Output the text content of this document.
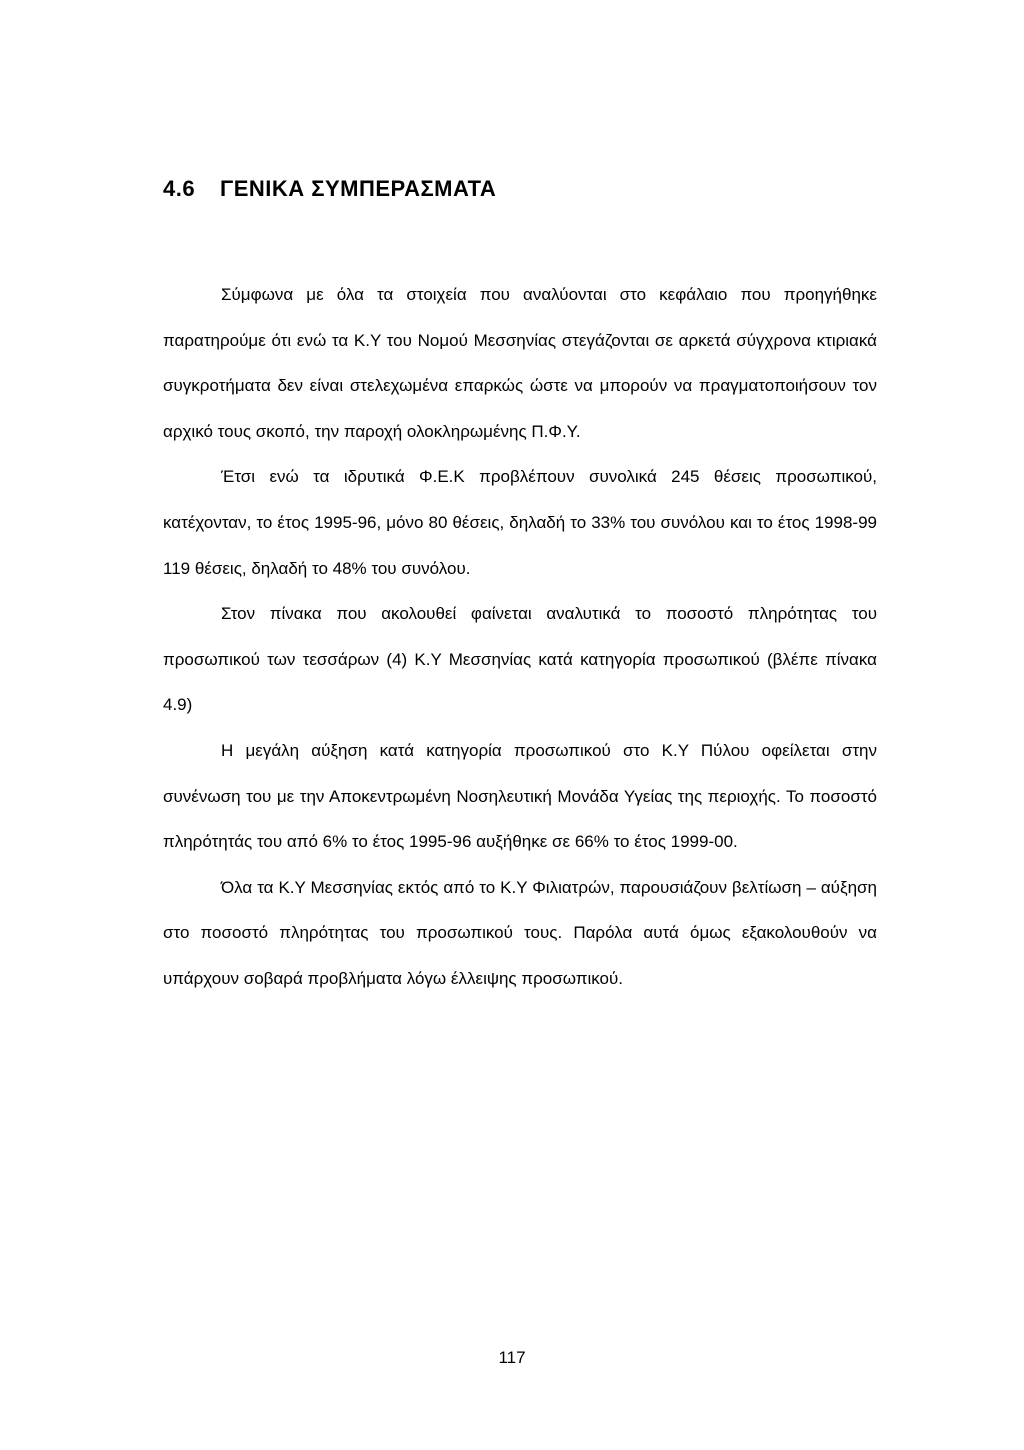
4.6 ΓΕΝΙΚΑ ΣΥΜΠΕΡΑΣΜΑΤΑ

Σύμφωνα με όλα τα στοιχεία που αναλύονται στο κεφάλαιο που προηγήθηκε παρατηρούμε ότι ενώ τα Κ.Υ του Νομού Μεσσηνίας στεγάζονται σε αρκετά σύγχρονα κτιριακά συγκροτήματα δεν είναι στελεχωμένα επαρκώς ώστε να μπορούν να πραγματοποιήσουν τον αρχικό τους σκοπό, την παροχή ολοκληρωμένης Π.Φ.Υ.

Έτσι ενώ τα ιδρυτικά Φ.Ε.Κ προβλέπουν συνολικά 245 θέσεις προσωπικού, κατέχονταν, το έτος 1995-96, μόνο 80 θέσεις, δηλαδή το 33% του συνόλου και το έτος 1998-99 119 θέσεις, δηλαδή το 48% του συνόλου.

Στον πίνακα που ακολουθεί φαίνεται αναλυτικά το ποσοστό πληρότητας του προσωπικού των τεσσάρων (4) Κ.Υ Μεσσηνίας κατά κατηγορία προσωπικού (βλέπε πίνακα 4.9)

Η μεγάλη αύξηση κατά κατηγορία προσωπικού στο Κ.Υ Πύλου οφείλεται στην συνένωση του με την Αποκεντρωμένη Νοσηλευτική Μονάδα Υγείας της περιοχής. Το ποσοστό πληρότητάς του από 6% το έτος 1995-96 αυξήθηκε σε 66% το έτος 1999-00.

Όλα τα Κ.Υ Μεσσηνίας εκτός από το Κ.Υ Φιλιατρών, παρουσιάζουν βελτίωση – αύξηση στο ποσοστό πληρότητας του προσωπικού τους. Παρόλα αυτά όμως εξακολουθούν να υπάρχουν σοβαρά προβλήματα λόγω έλλειψης προσωπικού.

117
